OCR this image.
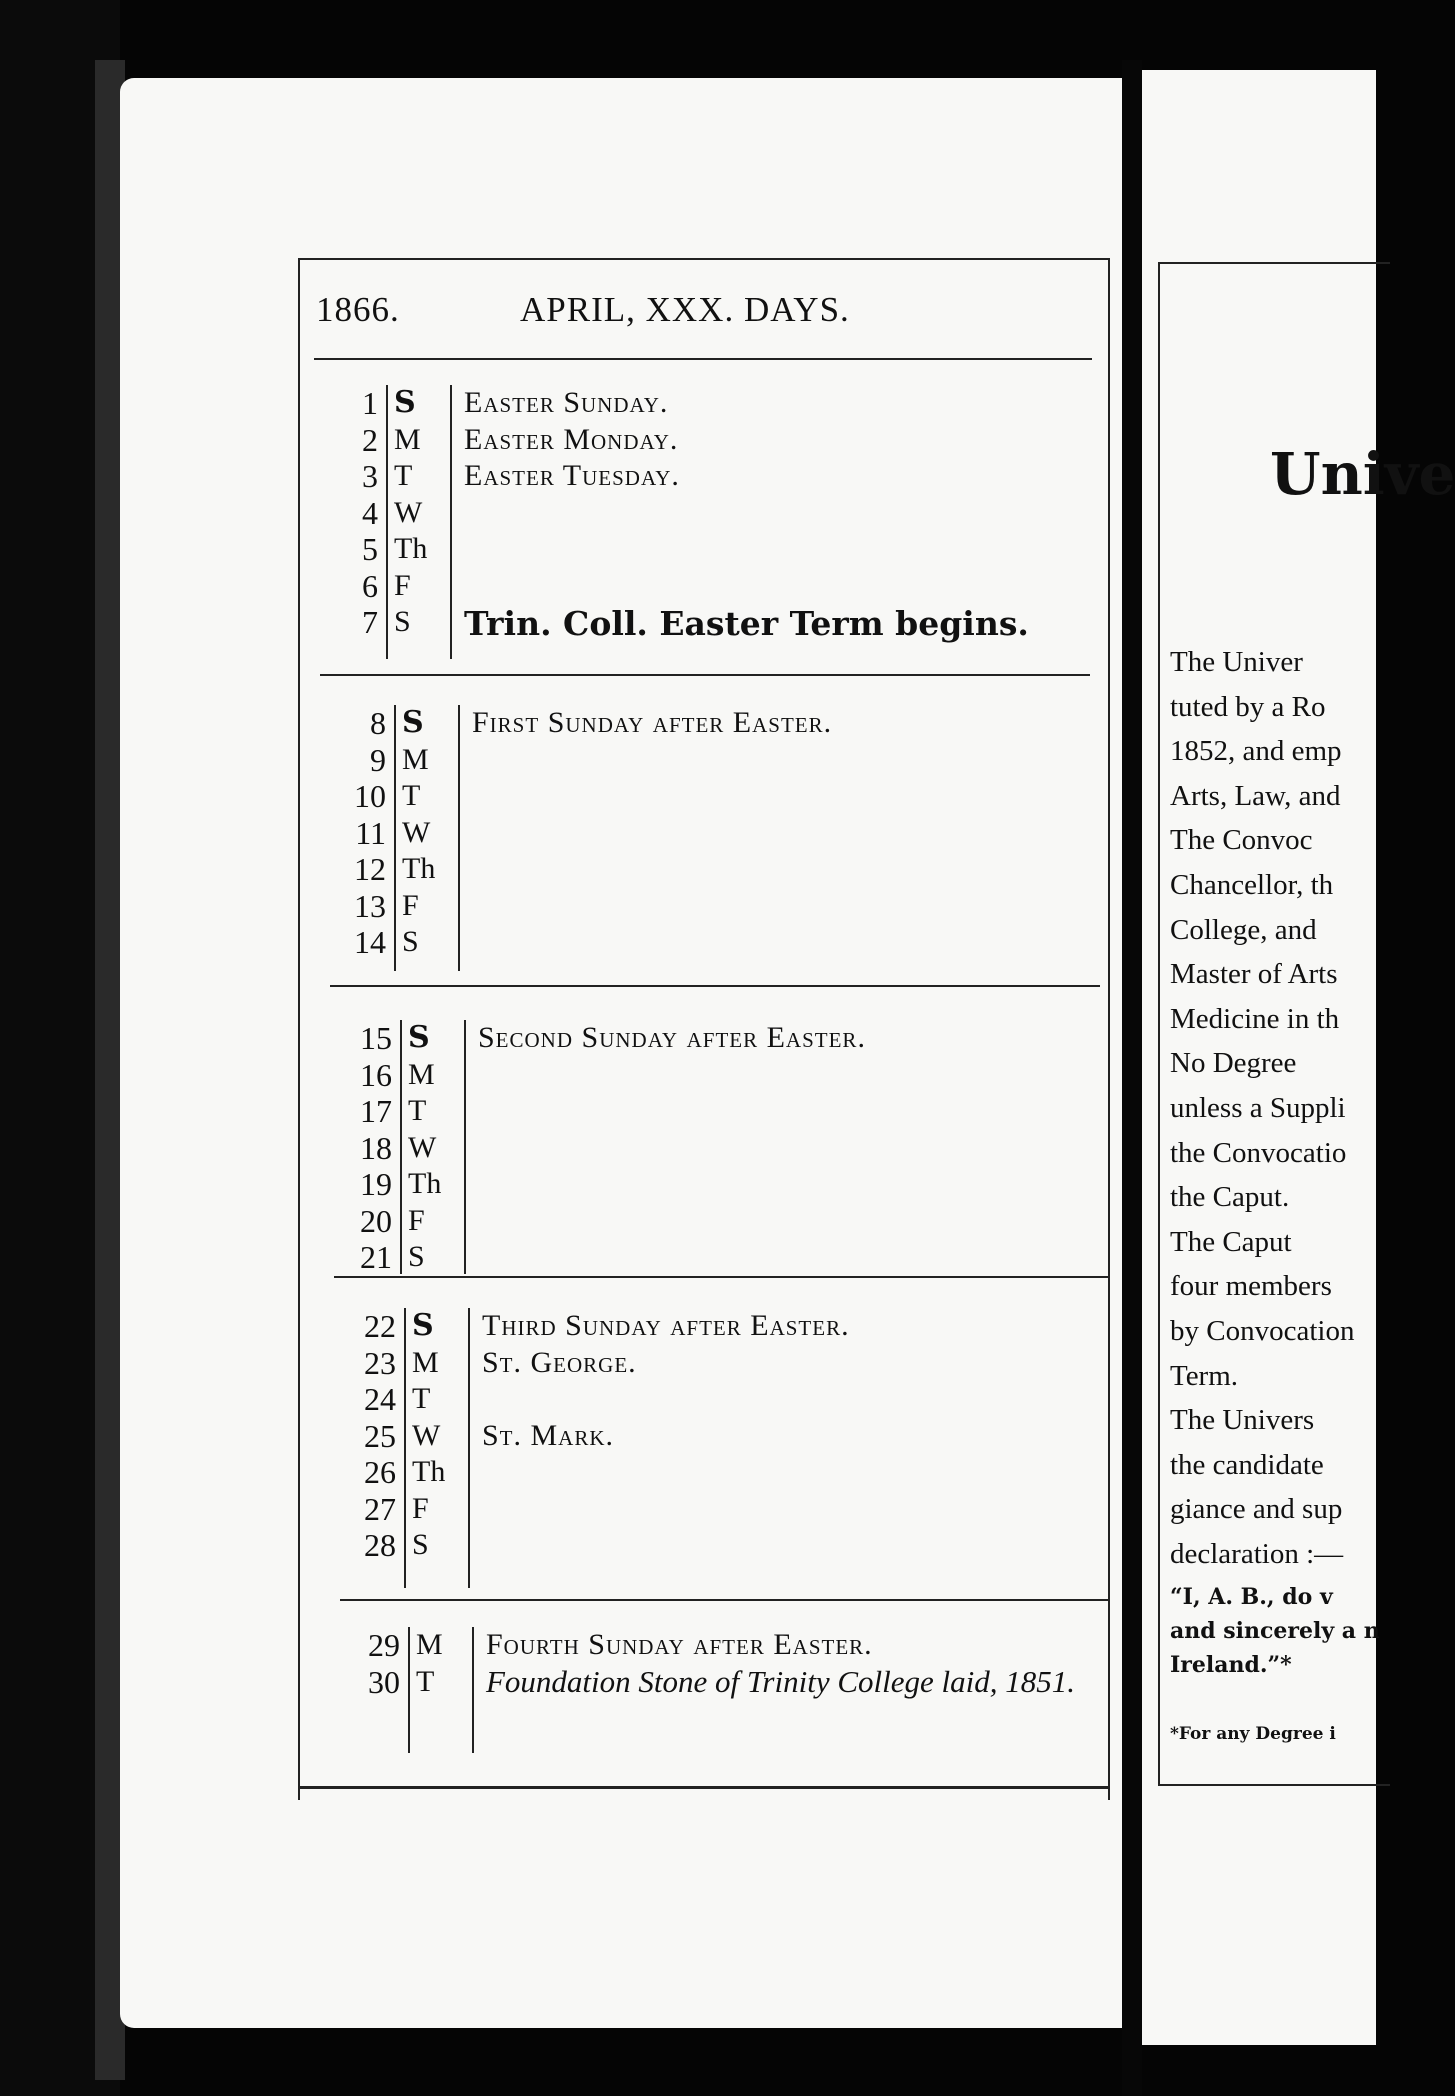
1866.	APRIL, XXX. DAYS.
1 S Easter Sunday.
2 M Easter Monday.
3 T Easter Tuesday.
4 W
5 Th
6 F
7 S Trin. Coll. Easter Term begins.
8 S First Sunday after Easter.
9 M
10 T
11 W
12 Th
13 F
14 S
15 S Second Sunday after Easter.
16 M
17 T
18 W
19 Th
20 F
21 S
22 S Third Sunday after Easter.
23 M St. George.
24 T
25 W St. Mark.
26 Th
27 F
28 S
29 M Fourth Sunday after Easter.
30 T Foundation Stone of Trinity College laid, 1851.
Unive
The Univer
tuted by a Ro
1852, and emp
Arts, Law, and
The Convoc
Chancellor, th
College, and
Master of Arts
Medicine in th
No Degree
unless a Suppli
the Convocatio
the Caput.
The Caput
four members
by Convocation
Term.
The Univers
the candidate
giance and sup
declaration :—
“I, A. B., do v
and sincerely a n
Ireland.”*
*For any Degree i
